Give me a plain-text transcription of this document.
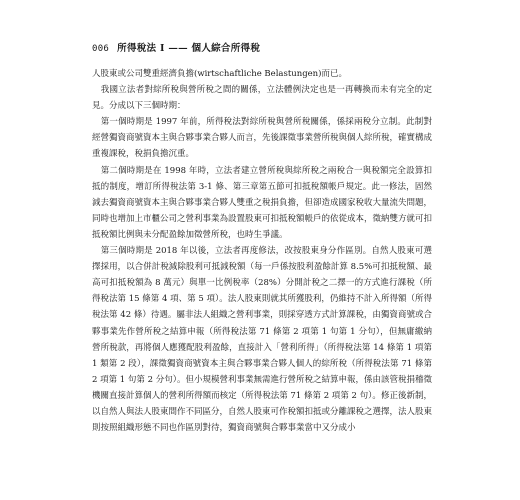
006 所得稅法 I —— 個人綜合所得稅

人股東或公司雙重經濟負擔(wirtschaftliche Belastungen)而已。

　我國立法者對綜所稅與營所稅之間的關係，立法體例決定也是一再轉換而未有完全的定見。分成以下三個時期：

　第一個時期是 1997 年前，所得稅法對綜所稅與營所稅關係，係採兩稅分立制。此制對經營獨資商號資本主與合夥事業合夥人而言，先後課徵事業營所稅與個人綜所稅，確實構成重複課稅，稅捐負擔沉重。

　第二個時期是在 1998 年時，立法者建立營所稅與綜所稅之兩稅合一與稅額完全設算扣抵的制度，增訂所得稅法第 3-1 條、第三章第五節可扣抵稅額帳戶規定。此一修法，固然減去獨資商號資本主與合夥事業合夥人雙重之稅捐負擔，但卻造成國家稅收大量流失問題，同時也增加上市櫃公司之營利事業為設置股東可扣抵稅額帳戶的依從成本，徵納雙方就可扣抵稅額比例與未分配盈餘加徵營所稅，也時生爭議。

　第三個時期是 2018 年以後，立法者再度修法，改按股東身分作區別。自然人股東可選擇採用，以合併計稅減除股利可抵減稅額（每一戶係按股利盈餘計算 8.5%可扣抵稅額、最高可扣抵稅額為 8 萬元）與單一比例稅率（28%）分開計稅之二擇一的方式進行課稅（所得稅法第 15 條第 4 項、第 5 項）。法人股東則就其所獲股利，仍維持不計入所得額（所得稅法第 42 條）待遇。屬非法人組織之營利事業，則採穿透方式計算課稅，由獨資商號或合夥事業先作營所稅之結算申報（所得稅法第 71 條第 2 項第 1 句第 1 分句），但無庸繳納營所稅款，再將個人應獲配股利盈餘，直接計入「營利所得」（所得稅法第 14 條第 1 項第 1 類第 2 段），課徵獨資商號資本主與合夥事業合夥人個人的綜所稅（所得稅法第 71 條第 2 項第 1 句第 2 分句）。但小規模營利事業無需進行營所稅之結算申報，係由該管稅捐稽徵機關直接計算個人的營利所得額而核定（所得稅法第 71 條第 2 項第 2 句）。修正後新制，以自然人與法人股東間作不同區分，自然人股東可作稅額扣抵或分離課稅之選擇，法人股東則按照組織形態不同也作區別對待，獨資商號與合夥事業當中又分成小
